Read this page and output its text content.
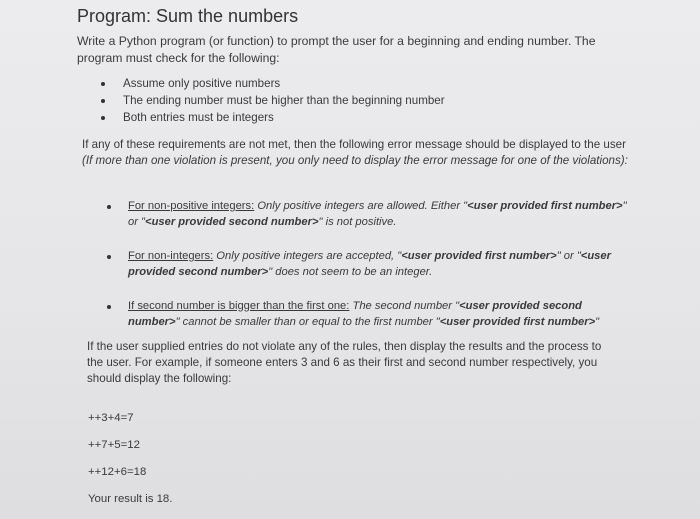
Program: Sum the numbers
Write a Python program (or function) to prompt the user for a beginning and ending number. The program must check for the following:
Assume only positive numbers
The ending number must be higher than the beginning number
Both entries must be integers
If any of these requirements are not met, then the following error message should be displayed to the user (If more than one violation is present, you only need to display the error message for one of the violations):
For non-positive integers: Only positive integers are allowed. Either "<user provided first number>" or "<user provided second number>" is not positive.
For non-integers: Only positive integers are accepted, "<user provided first number>" or "<user provided second number>" does not seem to be an integer.
If second number is bigger than the first one: The second number "<user provided second number>" cannot be smaller than or equal to the first number "<user provided first number>"
If the user supplied entries do not violate any of the rules, then display the results and the process to the user. For example, if someone enters 3 and 6 as their first and second number respectively, you should display the following:
++3+4=7
++7+5=12
++12+6=18
Your result is 18.
